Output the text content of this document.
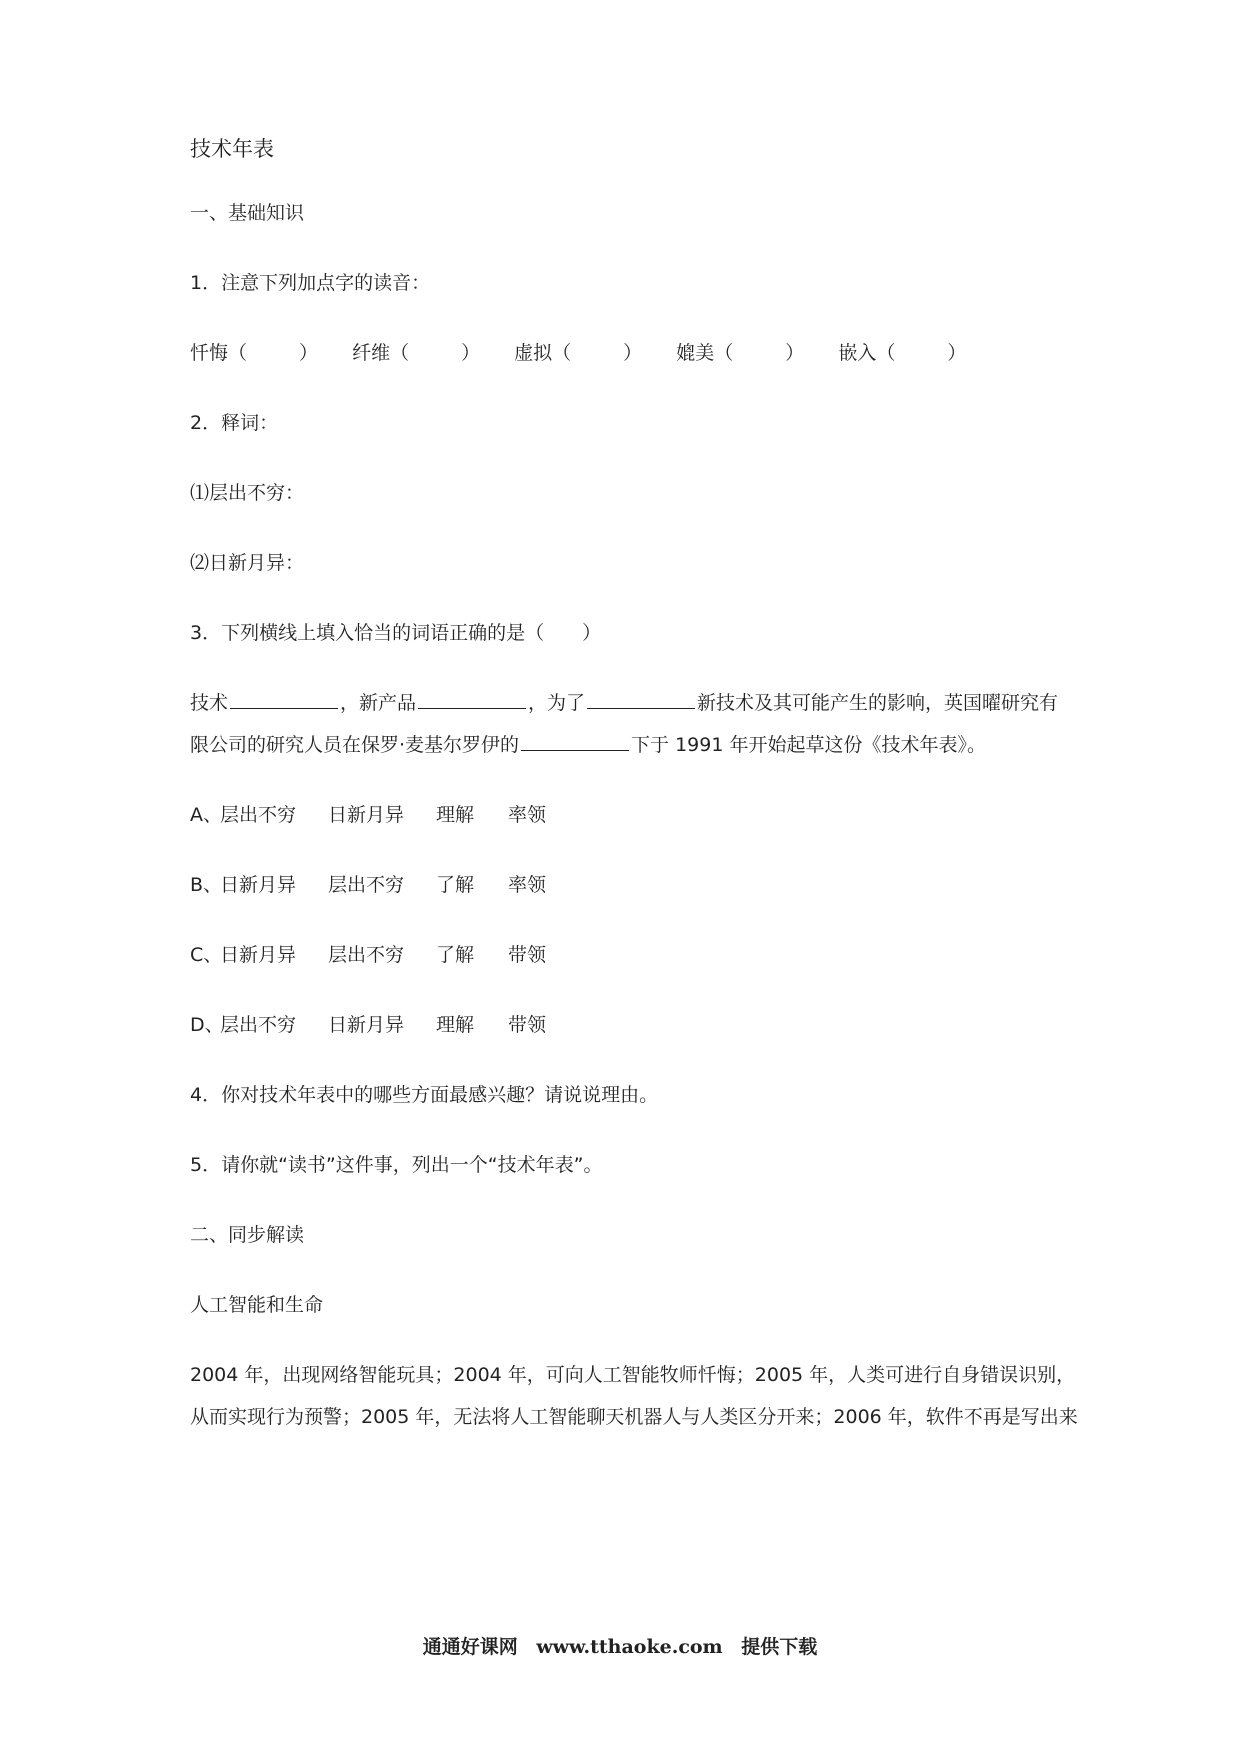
技术年表
一、基础知识
1．注意下列加点字的读音：
忏悔（	） 纤维（	） 虚拟（	） 媲美（	） 嵌入（	）
2．释词：
⑴层出不穷：
⑵日新月异：
3．下列横线上填入恰当的词语正确的是（　　）
技术	，新产品	，为了	新技术及其可能产生的影响，英国曜研究有
限公司的研究人员在保罗·麦基尔罗伊的	下于 1991 年开始起草这份《技术年表》。
A、层出不穷 日新月异 理解 率领
B、日新月异 层出不穷 了解 率领
C、日新月异 层出不穷 了解 带领
D、层出不穷 日新月异 理解 带领
4．你对技术年表中的哪些方面最感兴趣？请说说理由。
5．请你就“读书”这件事，列出一个“技术年表”。
二、同步解读
人工智能和生命
2004 年，出现网络智能玩具；2004 年，可向人工智能牧师忏悔；2005 年，人类可进行自身错误识别，
从而实现行为预警；2005 年，无法将人工智能聊天机器人与人类区分开来；2006 年，软件不再是写出来
通通好课网 www.tthaoke.com 提供下载
